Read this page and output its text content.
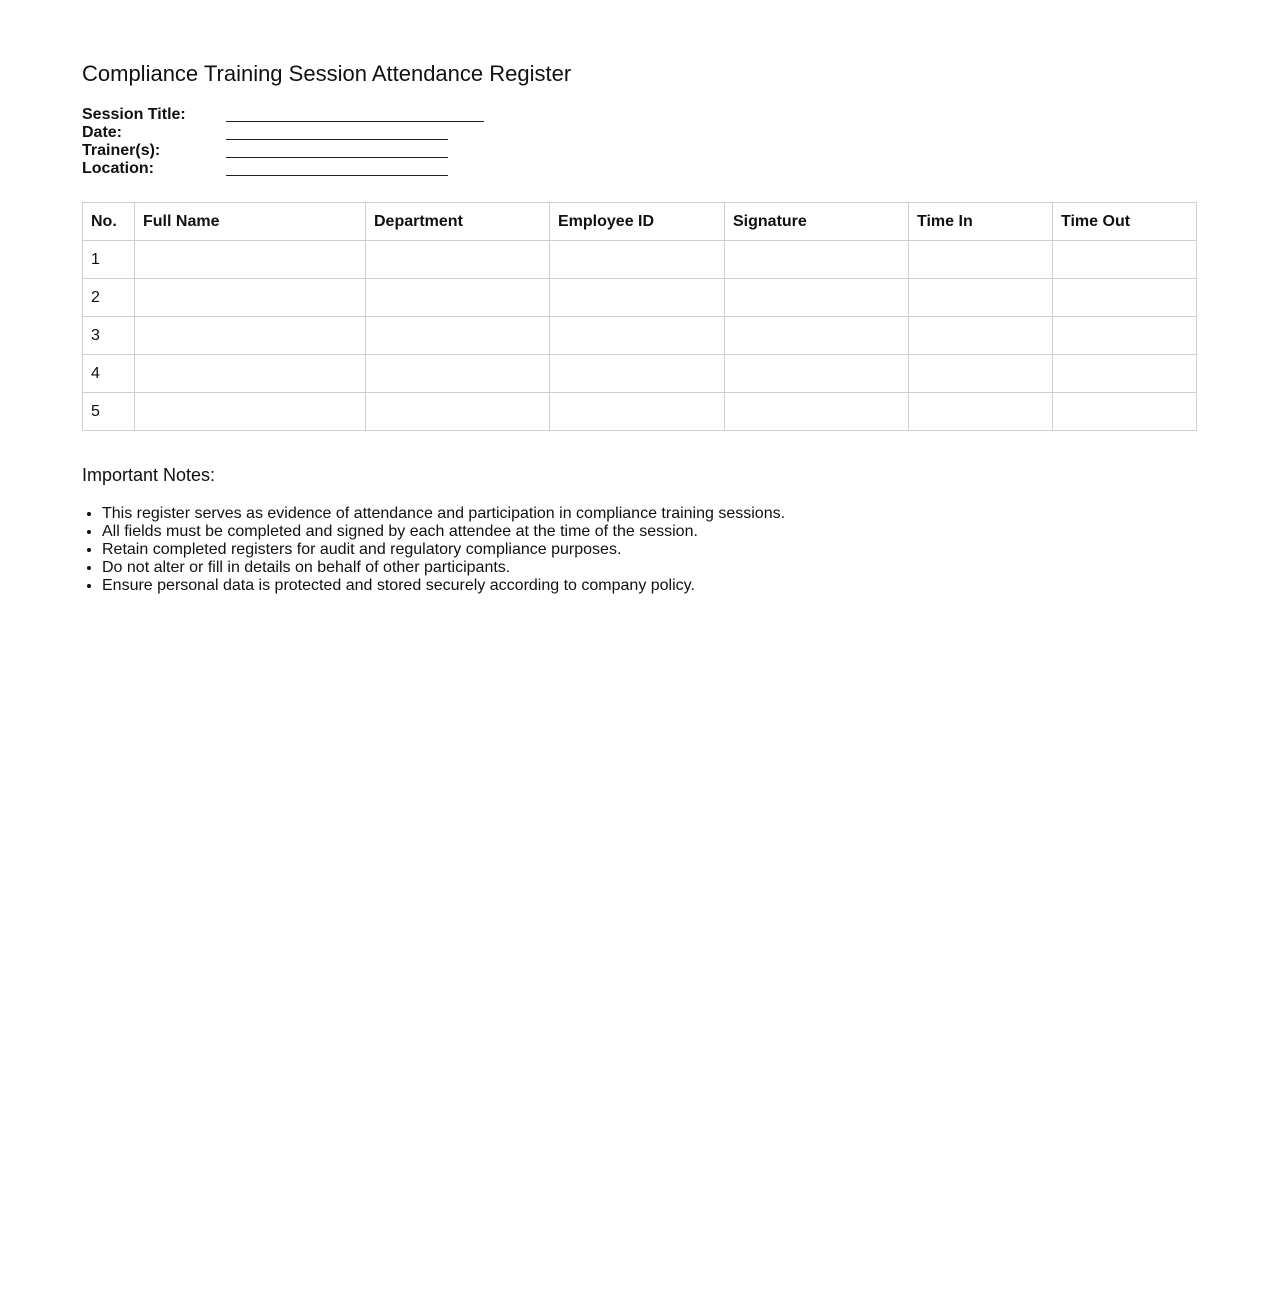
Compliance Training Session Attendance Register
Session Title:
Date:
Trainer(s):
Location:
No.	Full Name	Department	Employee ID	Signature	Time In	Time Out
1						
2						
3						
4						
5						
Important Notes:
• This register serves as evidence of attendance and participation in compliance training sessions.
• All fields must be completed and signed by each attendee at the time of the session.
• Retain completed registers for audit and regulatory compliance purposes.
• Do not alter or fill in details on behalf of other participants.
• Ensure personal data is protected and stored securely according to company policy.
